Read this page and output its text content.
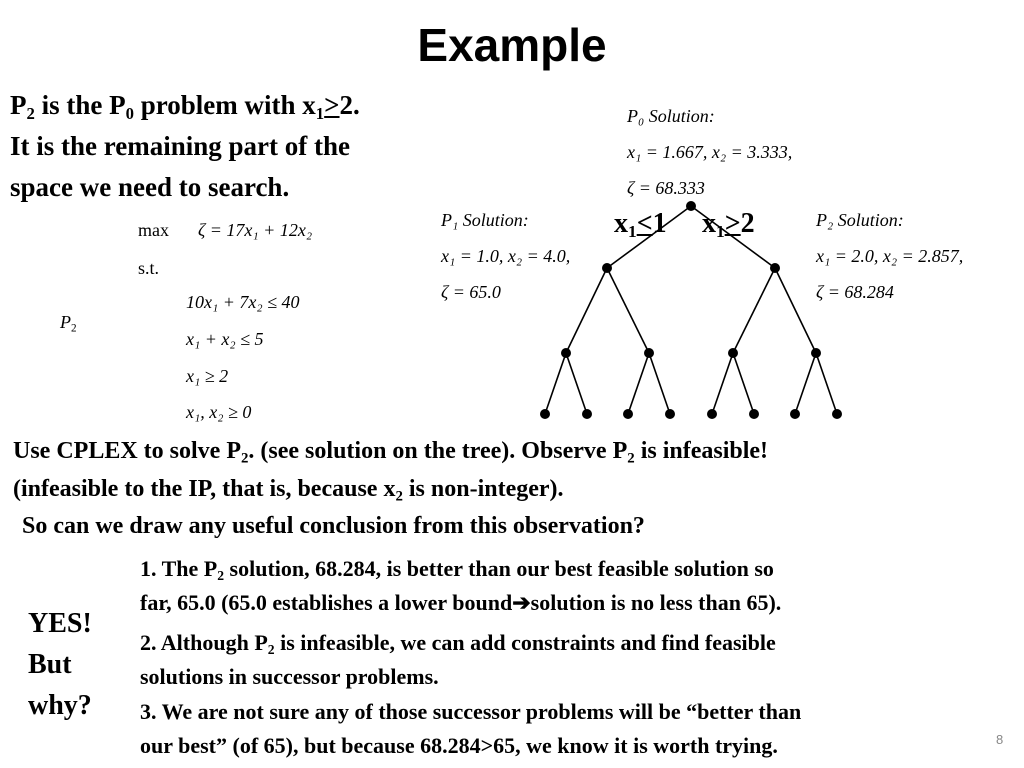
Example
$P_2$ is the $P_0$ problem with $x_1>2$.
It is the remaining part of the
space we need to search.
$P_2$
max ζ = 17x₁ + 12x₂
s.t.
10x₁ + 7x₂ ≤ 40
x₁ + x₂ ≤ 5
x₁ ≥ 2
x₁, x₂ ≥ 0
P₀ Solution:
x₁ = 1.667, x₂ = 3.333,
ζ = 68.333
P₁ Solution:
x₁ = 1.0, x₂ = 4.0,
ζ = 65.0
P₂ Solution:
x₁ = 2.0, x₂ = 2.857,
ζ = 68.284
$x_1<1$ $x_1>2$
Use CPLEX to solve $P_2$. (see solution on the tree). Observe $P_2$ is infeasible!
(infeasible to the IP, that is, because $x_2$ is non-integer).
So can we draw any useful conclusion from this observation?
YES!
But
why?
1. The $P_2$ solution, 68.284, is better than our best feasible solution so
far, 65.0 (65.0 establishes a lower bound➔solution is no less than 65).
2. Although $P_2$ is infeasible, we can add constraints and find feasible
solutions in successor problems.
3. We are not sure any of those successor problems will be “better than
our best” (of 65), but because 68.284>65, we know it is worth trying.	8
